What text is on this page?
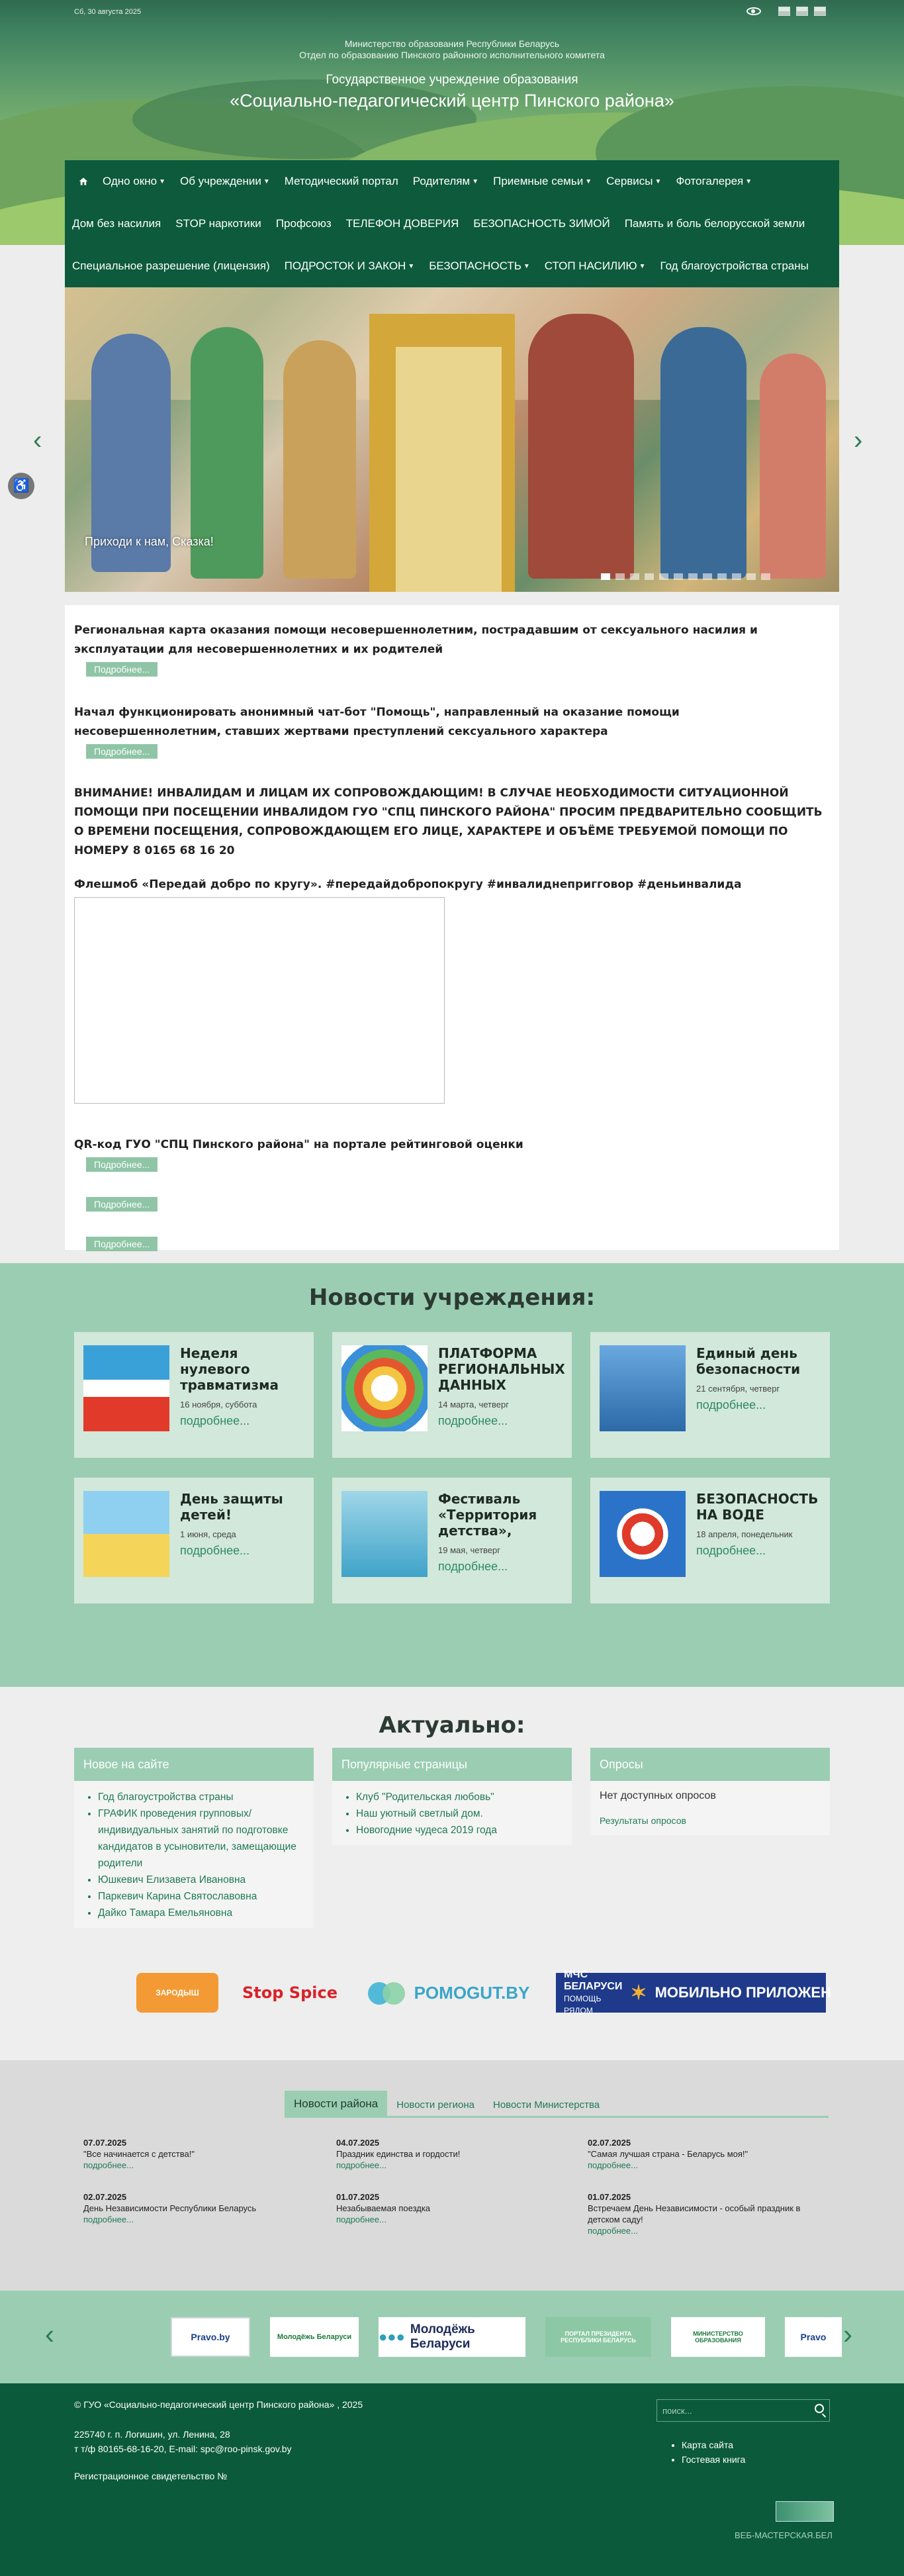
Сб, 30 августа 2025
Министерство образования Республики Беларусь
Отдел по образованию Пинского районного исполнительного комитета
Государственное учреждение образования
«Социально-педагогический центр Пинского района»
Одно окно ▼ Об учреждении ▼ Методический портал Родителям ▼ Приемные семьи ▼ Сервисы ▼ Фотогалерея ▼
Дом без насилия	STOP наркотики	Профсоюз	ТЕЛЕФОН ДОВЕРИЯ	БЕЗОПАСНОСТЬ ЗИМОЙ	Память и боль белорусской земли
Специальное разрешение (лицензия)	ПОДРОСТОК И ЗАКОН ▼ БЕЗОПАСНОСТЬ ▼ СТОП НАСИЛИЮ ▼	Год благоустройства страны
‹	›
♿
Приходи к нам, Сказка!
Региональная карта оказания помощи несовершеннолетним, пострадавшим от сексуального насилия и эксплуатации для несовершеннолетних и их родителей
Подробнее...
Начал функционировать анонимный чат-бот "Помощь", направленный на оказание помощи несовершеннолетним, ставших жертвами преступлений сексуального характера
Подробнее...
ВНИМАНИЕ! ИНВАЛИДАМ И ЛИЦАМ ИХ СОПРОВОЖДАЮЩИМ! В СЛУЧАЕ НЕОБХОДИМОСТИ СИТУАЦИОННОЙ ПОМОЩИ ПРИ ПОСЕЩЕНИИ ИНВАЛИДОМ ГУО "СПЦ ПИНСКОГО РАЙОНА" ПРОСИМ ПРЕДВАРИТЕЛЬНО СООБЩИТЬ О ВРЕМЕНИ ПОСЕЩЕНИЯ, СОПРОВОЖДАЮЩЕМ ЕГО ЛИЦЕ, ХАРАКТЕРЕ И ОБЪЁМЕ ТРЕБУЕМОЙ ПОМОЩИ ПО НОМЕРУ 8 0165 68 16 20
Флешмоб «Передай добро по кругу». #передайдобропокругу #инвалиднепригговор #деньинвалида
QR-код ГУО "СПЦ Пинского района" на портале рейтинговой оценки
Подробнее...
Подробнее...
Подробнее...
Новости учреждения:
Неделя нулевого травматизма
16 ноября, суббота
подробнее...
ПЛАТФОРМА РЕГИОНАЛЬНЫХ ДАННЫХ
14 марта, четверг
подробнее...
Единый день безопасности
21 сентября, четверг
подробнее...
День защиты детей!
1 июня, среда
подробнее...
Фестиваль «Территория детства»,
19 мая, четверг
подробнее...
БЕЗОПАСНОСТЬ НА ВОДЕ
18 апреля, понедельник
подробнее...
Актуально:
Новое на сайте
• Год благоустройства страны
• ГРАФИК проведения групповых/индивидуальных занятий по подготовке кандидатов в усыновители, замещающие родители
• Юшкевич Елизавета Ивановна
• Паркевич Карина Святославовна
• Дайко Тамара Емельяновна
Популярные страницы
• Клуб "Родительская любовь"
• Наш уютный светлый дом.
• Новогодние чудеса 2019 года
Опросы
Нет доступных опросов
Результаты опросов
ЗАРОДЫШ	Stop Spice	POMOGUT.BY
МЧС БЕЛАРУСИ
ПОМОЩЬ РЯДОМ
✶ МОБИЛЬНО ПРИЛОЖЕН
Новости района	Новости региона	Новости Министерства
07.07.2025
"Все начинается с детства!"
подробнее...
04.07.2025
Праздник единства и гордости!
подробнее...
02.07.2025
"Самая лучшая страна - Беларусь моя!"
подробнее...
02.07.2025
День Независимости Республики Беларусь
подробнее...
01.07.2025
Незабываемая поездка
подробнее...
01.07.2025
Встречаем День Независимости - особый праздник в детском саду!
подробнее...
‹	›
Pravo.by	Молодёжь Беларуси ●●● Молодёжь Беларуси
ПОРТАЛ ПРЕЗИДЕНТА РЕСПУБЛИКИ БЕЛАРУСЬ
МИНИСТЕРСТВО ОБРАЗОВАНИЯ	Pravo
© ГУО «Социально-педагогический центр Пинского района» , 2025
225740 г. п. Логишин, ул. Ленина, 28
т т/ф 80165-68-16-20, E-mail: spc@roo-pinsk.gov.by
Регистрационное свидетельство №
поиск...
• Карта сайта
• Гостевая книга
ВЕБ-МАСТЕРСКАЯ.БЕЛ
